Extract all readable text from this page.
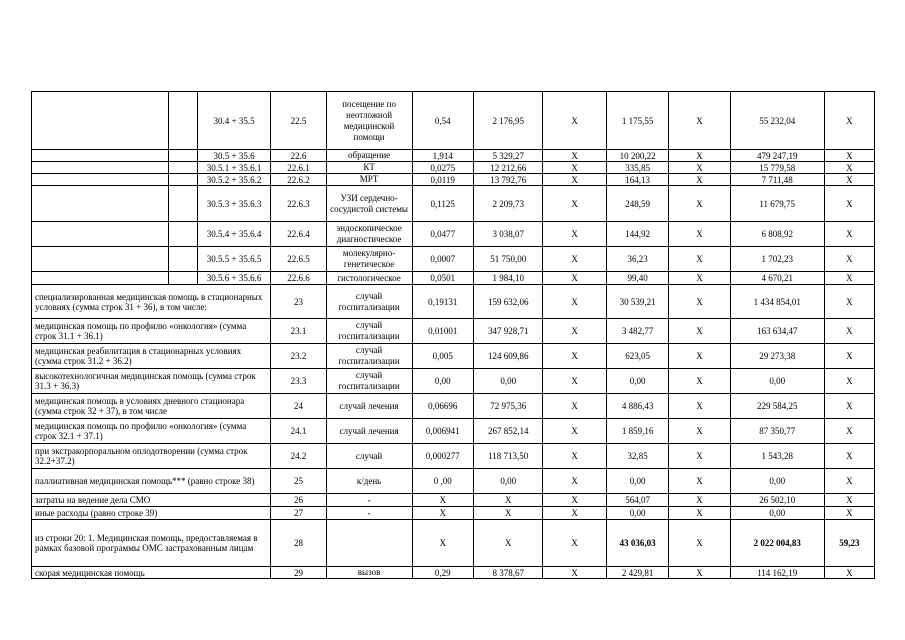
		30.4 + 35.5	22.5	посещение по неотложной медицинской помощи	0,54	2 176,95	X	1 175,55	X	55 232,04	X
		30.5 + 35.6	22.6	обращение	1,914	5 329,27	X	10 200,22	X	479 247,19	X
		30.5.1 + 35.6.1	22.6.1	КТ	0,0275	12 212,66	X	335,85	X	15 779,58	X
		30.5.2 + 35.6.2	22.6.2	МРТ	0,0119	13 792,76	X	164,13	X	7 711,48	X
		30.5.3 + 35.6.3	22.6.3	УЗИ сердечно-сосудистой системы	0,1125	2 209,73	X	248,59	X	11 679,75	X
		30.5.4 + 35.6.4	22.6.4	эндоскопическое диагностическое	0,0477	3 038,07	X	144,92	X	6 808,92	X
		30.5.5 + 35.6.5	22.6.5	молекулярно-генетическое	0,0007	51 750,00	X	36,23	X	1 702,23	X
		30.5.6 + 35.6.6	22.6.6	гистологическое	0,0501	1 984,10	X	99,40	X	4 670,21	X
специализированная медицинская помощь в стационарных условиях (сумма строк 31 + 36), в том числе:			23	случай госпитализации	0,19131	159 632,06	X	30 539,21	X	1 434 854,01	X
медицинская помощь по профилю «онкология» (сумма строк 31.1 + 36.1)			23.1	случай госпитализации	0,01001	347 928,71	X	3 482,77	X	163 634,47	X
медицинская реабилитация в стационарных условиях (сумма строк 31.2 + 36.2)			23.2	случай госпитализации	0,005	124 609,86	X	623,05	X	29 273,38	X
высокотехнологичная медицинская помощь (сумма строк 31.3 + 36.3)			23.3	случай госпитализации	0,00	0,00	X	0,00	X	0,00	X
медицинская помощь в условиях дневного стационара (сумма строк 32 + 37), в том числе			24	случай лечения	0,06696	72 975,36	X	4 886,43	X	229 584,25	X
медицинская помощь по профилю «онкология» (сумма строк 32.1 + 37.1)			24.1	случай лечения	0,006941	267 852,14	X	1 859,16	X	87 350,77	X
при экстракорпоральном оплодотворении (сумма строк 32.2+37.2)			24.2	случай	0,000277	118 713,50	X	32,85	X	1 543,28	X
паллиативная медицинская помощь*** (равно строке 38)			25	к/день	0 ,00	0,00	X	0,00	X	0,00	X
затраты на ведение дела СМО			26	-	X	X	X	564,07	X	26 502,10	X
иные расходы (равно строке 39)			27	-	X	X	X	0,00	X	0,00	X
из строки 20: 1. Медицинская помощь, предоставляемая в рамках базовой программы ОМС застрахованным лицам			28		X	X	X	43 036,03	X	2 022 004,83	59,23
скорая медицинская помощь			29	вызов	0,29	8 378,67	X	2 429,81	X	114 162,19	X
